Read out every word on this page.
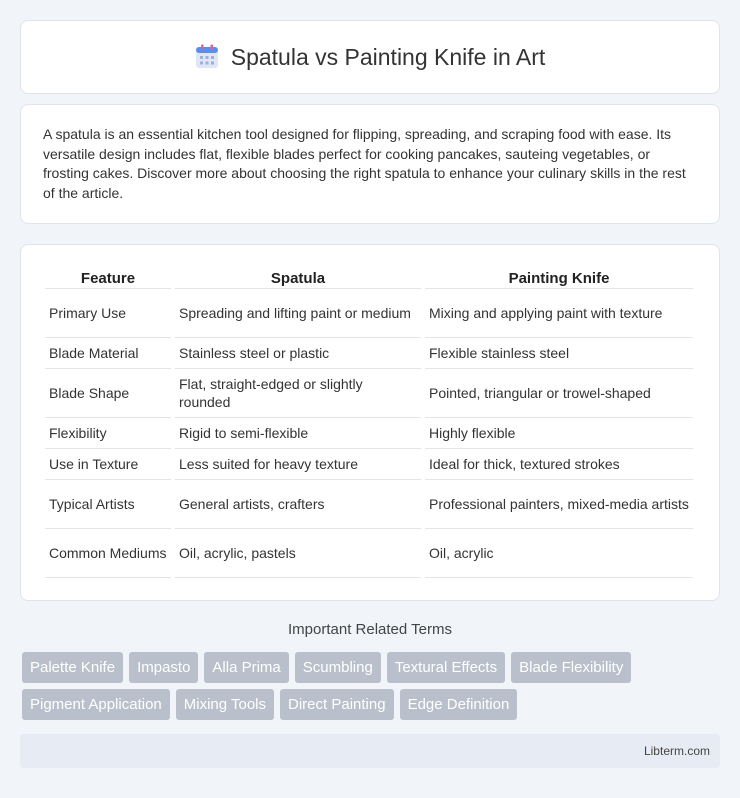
Spatula vs Painting Knife in Art

A spatula is an essential kitchen tool designed for flipping, spreading, and scraping food with ease. Its versatile design includes flat, flexible blades perfect for cooking pancakes, sauteing vegetables, or frosting cakes. Discover more about choosing the right spatula to enhance your culinary skills in the rest of the article.

Feature	Spatula	Painting Knife
Primary Use	Spreading and lifting paint or medium	Mixing and applying paint with texture
Blade Material	Stainless steel or plastic	Flexible stainless steel
Blade Shape	Flat, straight-edged or slightly rounded	Pointed, triangular or trowel-shaped
Flexibility	Rigid to semi-flexible	Highly flexible
Use in Texture	Less suited for heavy texture	Ideal for thick, textured strokes
Typical Artists	General artists, crafters	Professional painters, mixed-media artists
Common Mediums	Oil, acrylic, pastels	Oil, acrylic
Important Related Terms
Palette Knife	Impasto	Alla Prima	Scumbling	Textural Effects	Blade Flexibility
Pigment Application	Mixing Tools	Direct Painting	Edge Definition
Libterm.com
